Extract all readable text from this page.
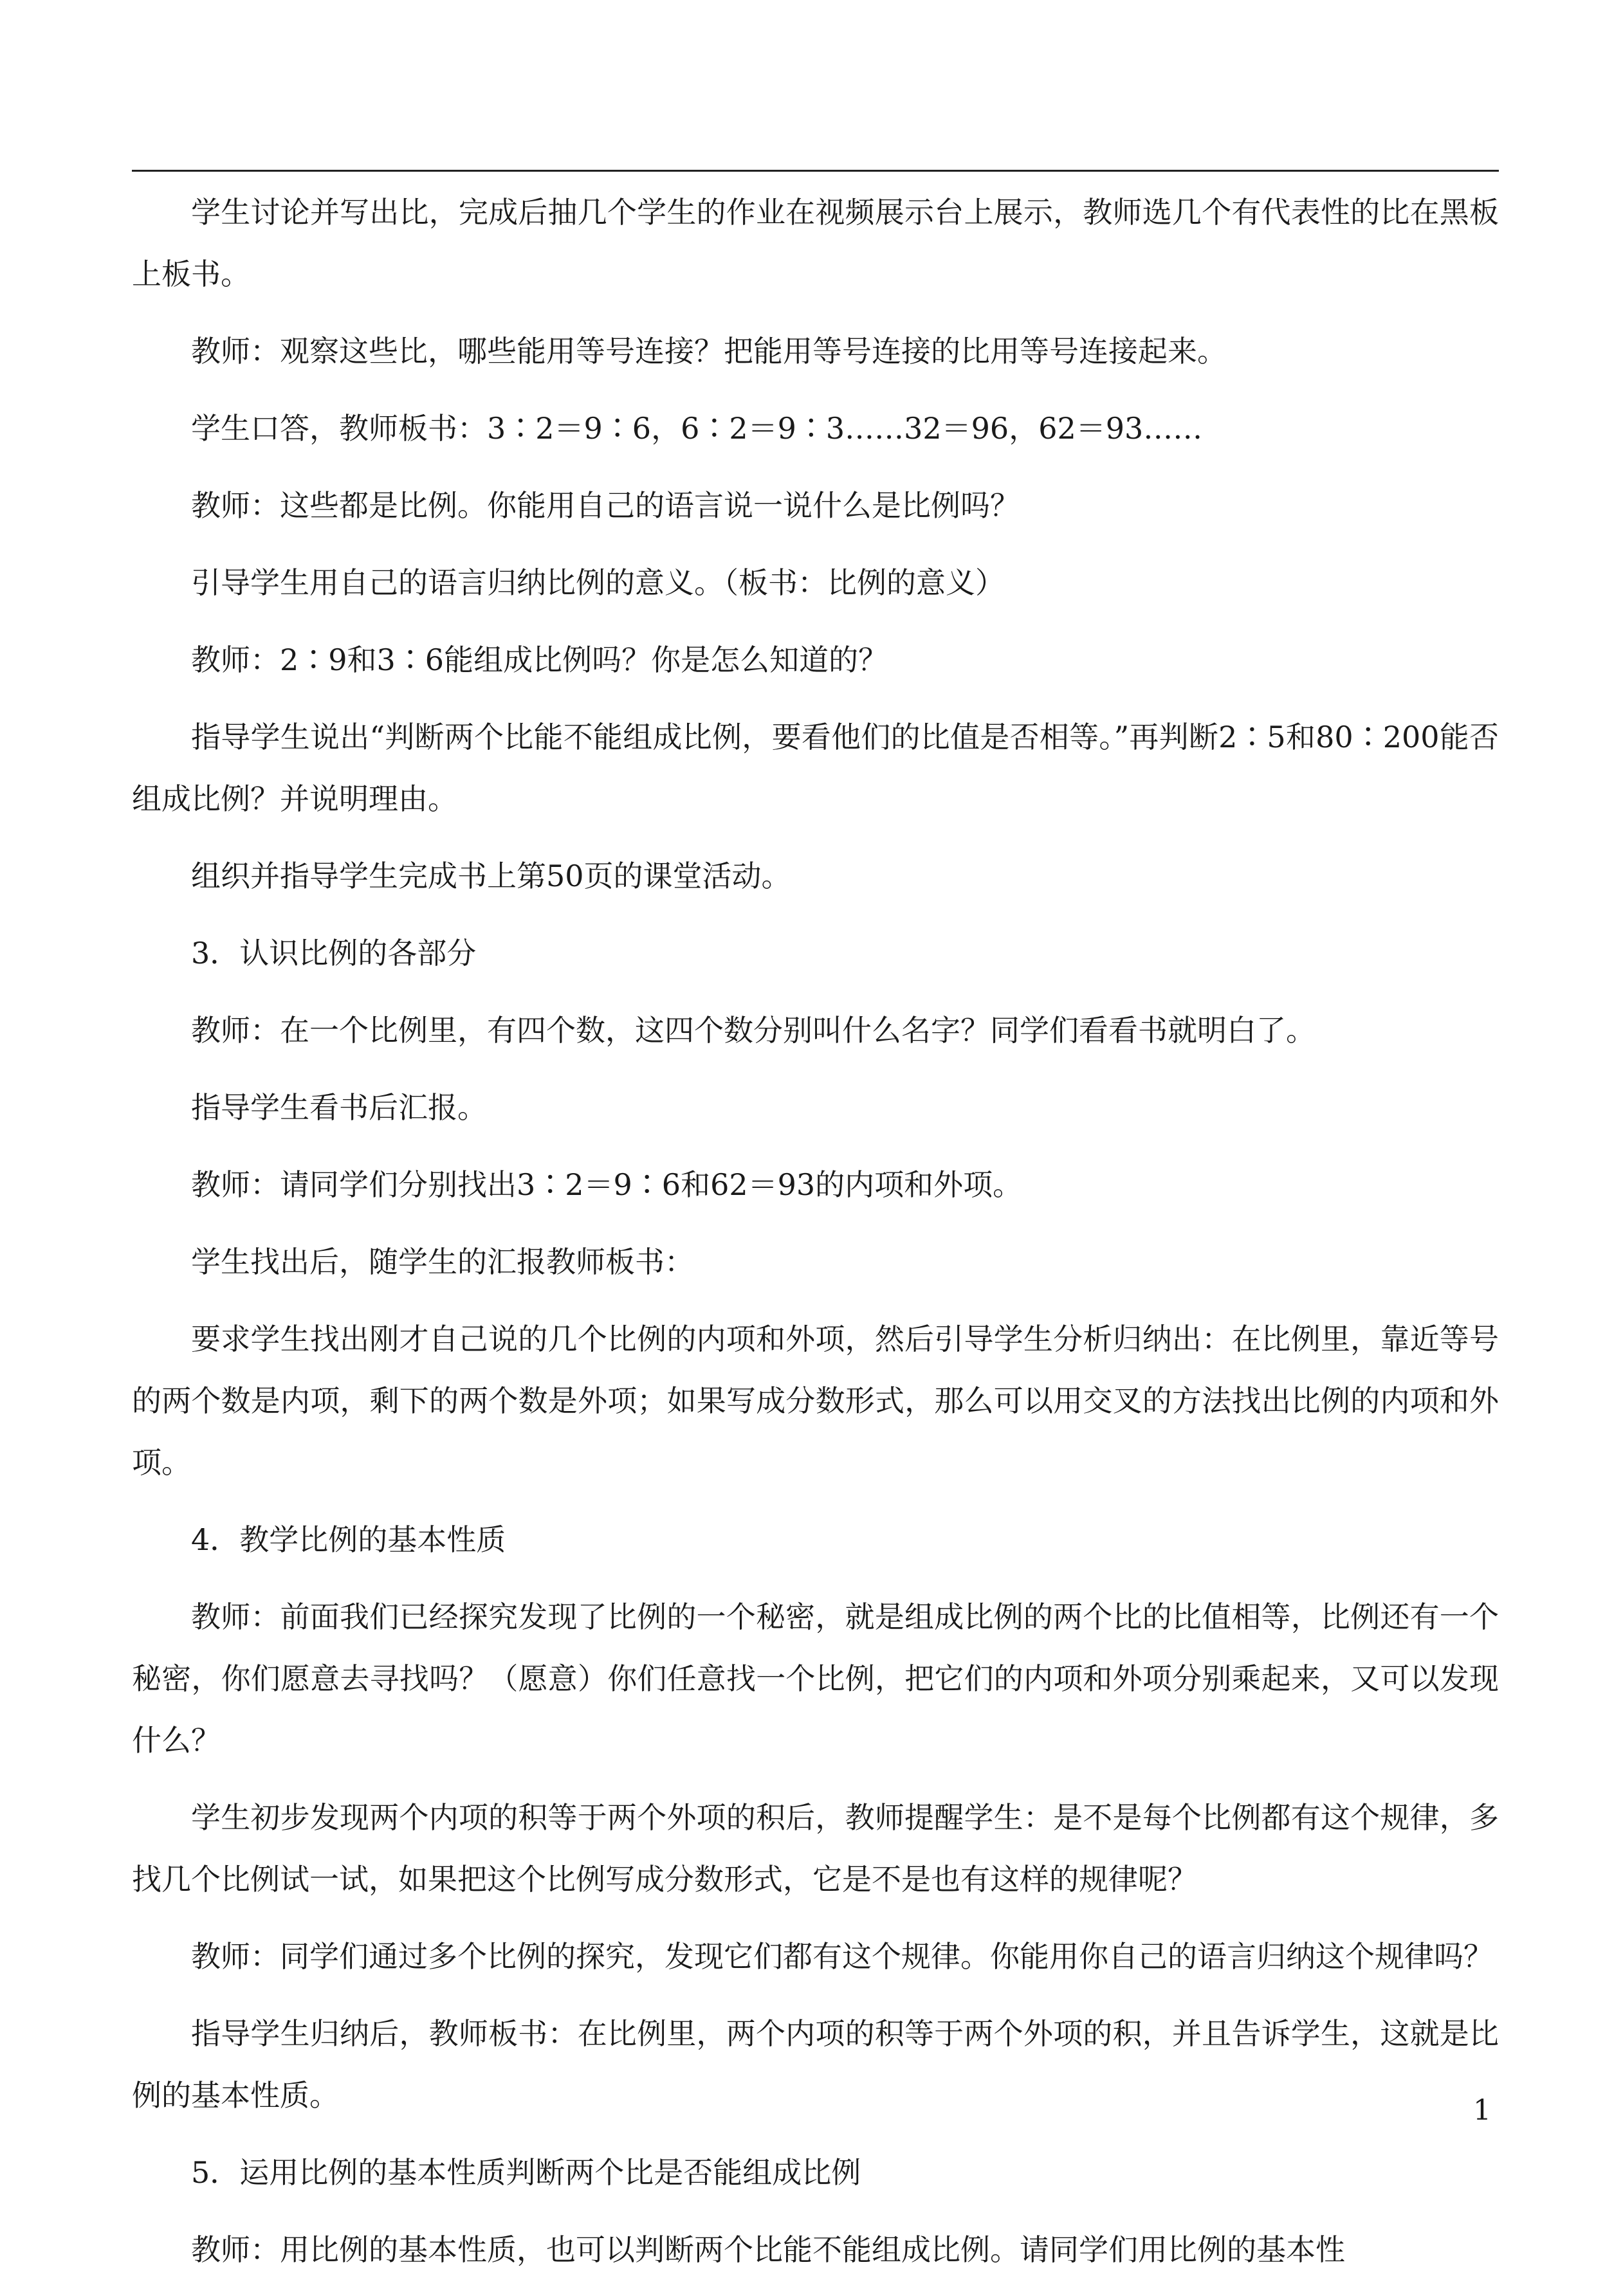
学生讨论并写出比，完成后抽几个学生的作业在视频展示台上展示，教师选几个有代表性的比在黑板上板书。

教师：观察这些比，哪些能用等号连接？把能用等号连接的比用等号连接起来。

学生口答，教师板书：3∶2＝9∶6，6∶2＝9∶3……32＝96，62＝93……

教师：这些都是比例。你能用自己的语言说一说什么是比例吗？

引导学生用自己的语言归纳比例的意义。（板书：比例的意义）

教师：2∶9和3∶6能组成比例吗？你是怎么知道的？

指导学生说出“判断两个比能不能组成比例，要看他们的比值是否相等。”再判断2∶5和80∶200能否组成比例？并说明理由。

组织并指导学生完成书上第50页的课堂活动。

3．认识比例的各部分

教师：在一个比例里，有四个数，这四个数分别叫什么名字？同学们看看书就明白了。

指导学生看书后汇报。

教师：请同学们分别找出3∶2＝9∶6和62＝93的内项和外项。

学生找出后，随学生的汇报教师板书：

要求学生找出刚才自己说的几个比例的内项和外项，然后引导学生分析归纳出：在比例里，靠近等号的两个数是内项，剩下的两个数是外项；如果写成分数形式，那么可以用交叉的方法找出比例的内项和外项。

4．教学比例的基本性质

教师：前面我们已经探究发现了比例的一个秘密，就是组成比例的两个比的比值相等，比例还有一个秘密，你们愿意去寻找吗？（愿意）你们任意找一个比例，把它们的内项和外项分别乘起来，又可以发现什么？

学生初步发现两个内项的积等于两个外项的积后，教师提醒学生：是不是每个比例都有这个规律，多找几个比例试一试，如果把这个比例写成分数形式，它是不是也有这样的规律呢？

教师：同学们通过多个比例的探究，发现它们都有这个规律。你能用你自己的语言归纳这个规律吗？

指导学生归纳后，教师板书：在比例里，两个内项的积等于两个外项的积，并且告诉学生，这就是比例的基本性质。

5．运用比例的基本性质判断两个比是否能组成比例

教师：用比例的基本性质，也可以判断两个比能不能组成比例。请同学们用比例的基本性

1
